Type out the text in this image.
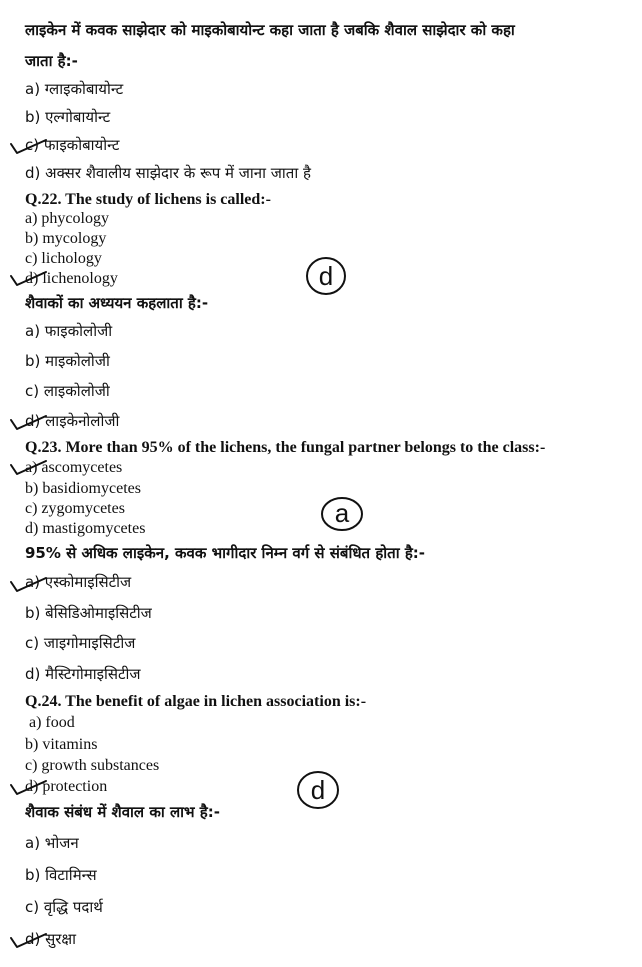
लाइकेन में कवक साझेदार को माइकोबायोन्ट कहा जाता है जबकि शैवाल साझेदार को कहा
जाता है:-
a) ग्लाइकोबायोन्ट
b) एल्गोबायोन्ट
c) फाइकोबायोन्ट
d) अक्सर शैवालीय साझेदार के रूप में जाना जाता है
Q.22. The study of lichens is called:-
a) phycology
b) mycology
c) lichology
d) lichenology	d
शैवाकों का अध्ययन कहलाता है:-
a) फाइकोलोजी
b) माइकोलोजी
c) लाइकोलोजी
d) लाइकेनोलोजी
Q.23. More than 95% of the lichens, the fungal partner belongs to the class:-
a) ascomycetes
b) basidiomycetes
c) zygomycetes
d) mastigomycetes
a
95% से अधिक लाइकेन, कवक भागीदार निम्न वर्ग से संबंधित होता है:-
a) एस्कोमाइसिटीज
b) बेसिडिओमाइसिटीज
c) जाइगोमाइसिटीज
d) मैस्टिगोमाइसिटीज
Q.24. The benefit of algae in lichen association is:-
a) food
b) vitamins
c) growth substances
d) protection	d
शैवाक संबंध में शैवाल का लाभ है:-
a) भोजन
b) विटामिन्स
c) वृद्धि पदार्थ
d) सुरक्षा
